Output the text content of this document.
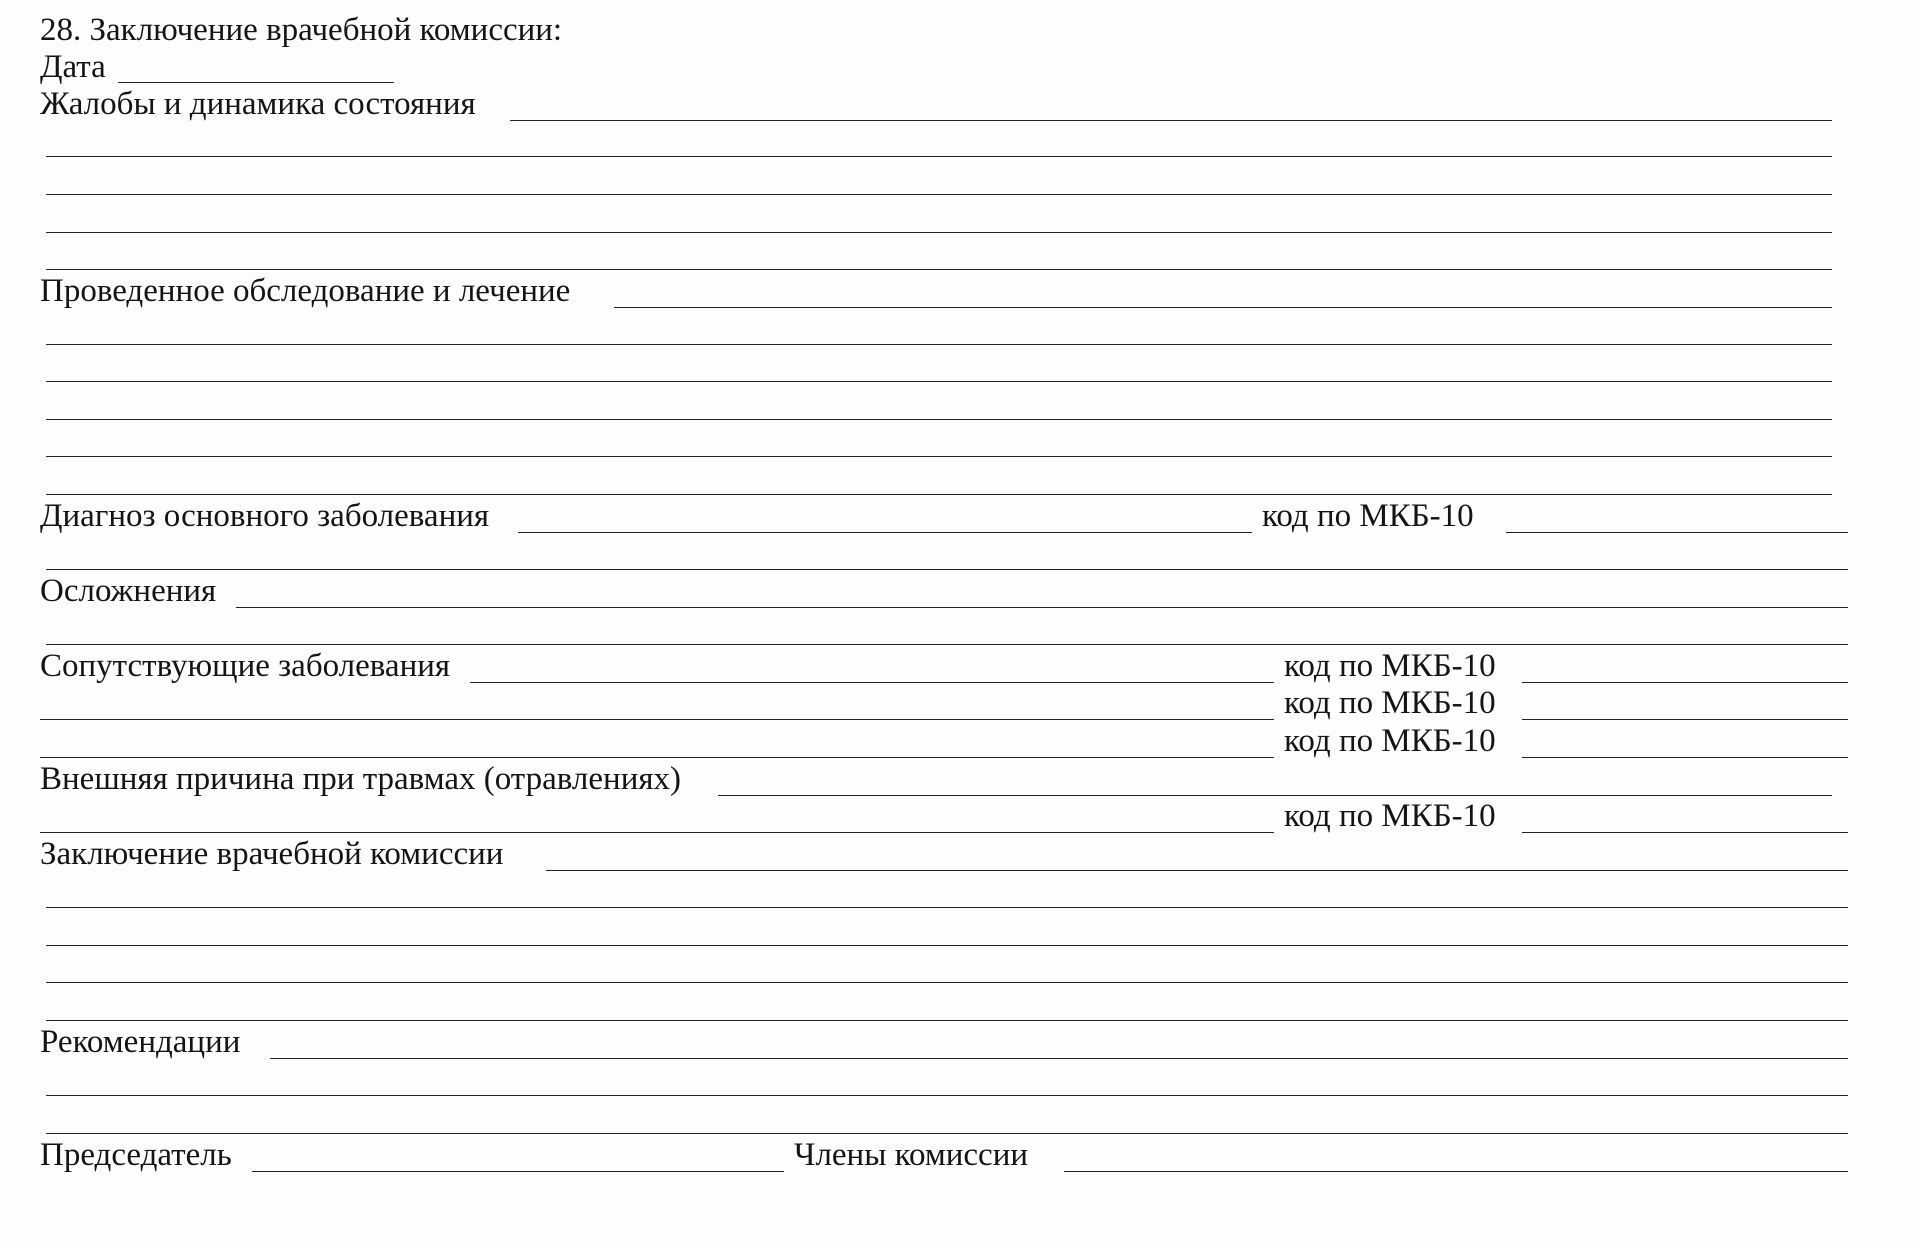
28. Заключение врачебной комиссии:
Дата
Жалобы и динамика состояния
Проведенное обследование и лечение
Диагноз основного заболевания	код по МКБ-10
Осложнения
Сопутствующие заболевания	код по МКБ-10
код по МКБ-10
код по МКБ-10
Внешняя причина при травмах (отравлениях)
код по МКБ-10
Заключение врачебной комиссии
Рекомендации
Председатель	Члены комиссии
